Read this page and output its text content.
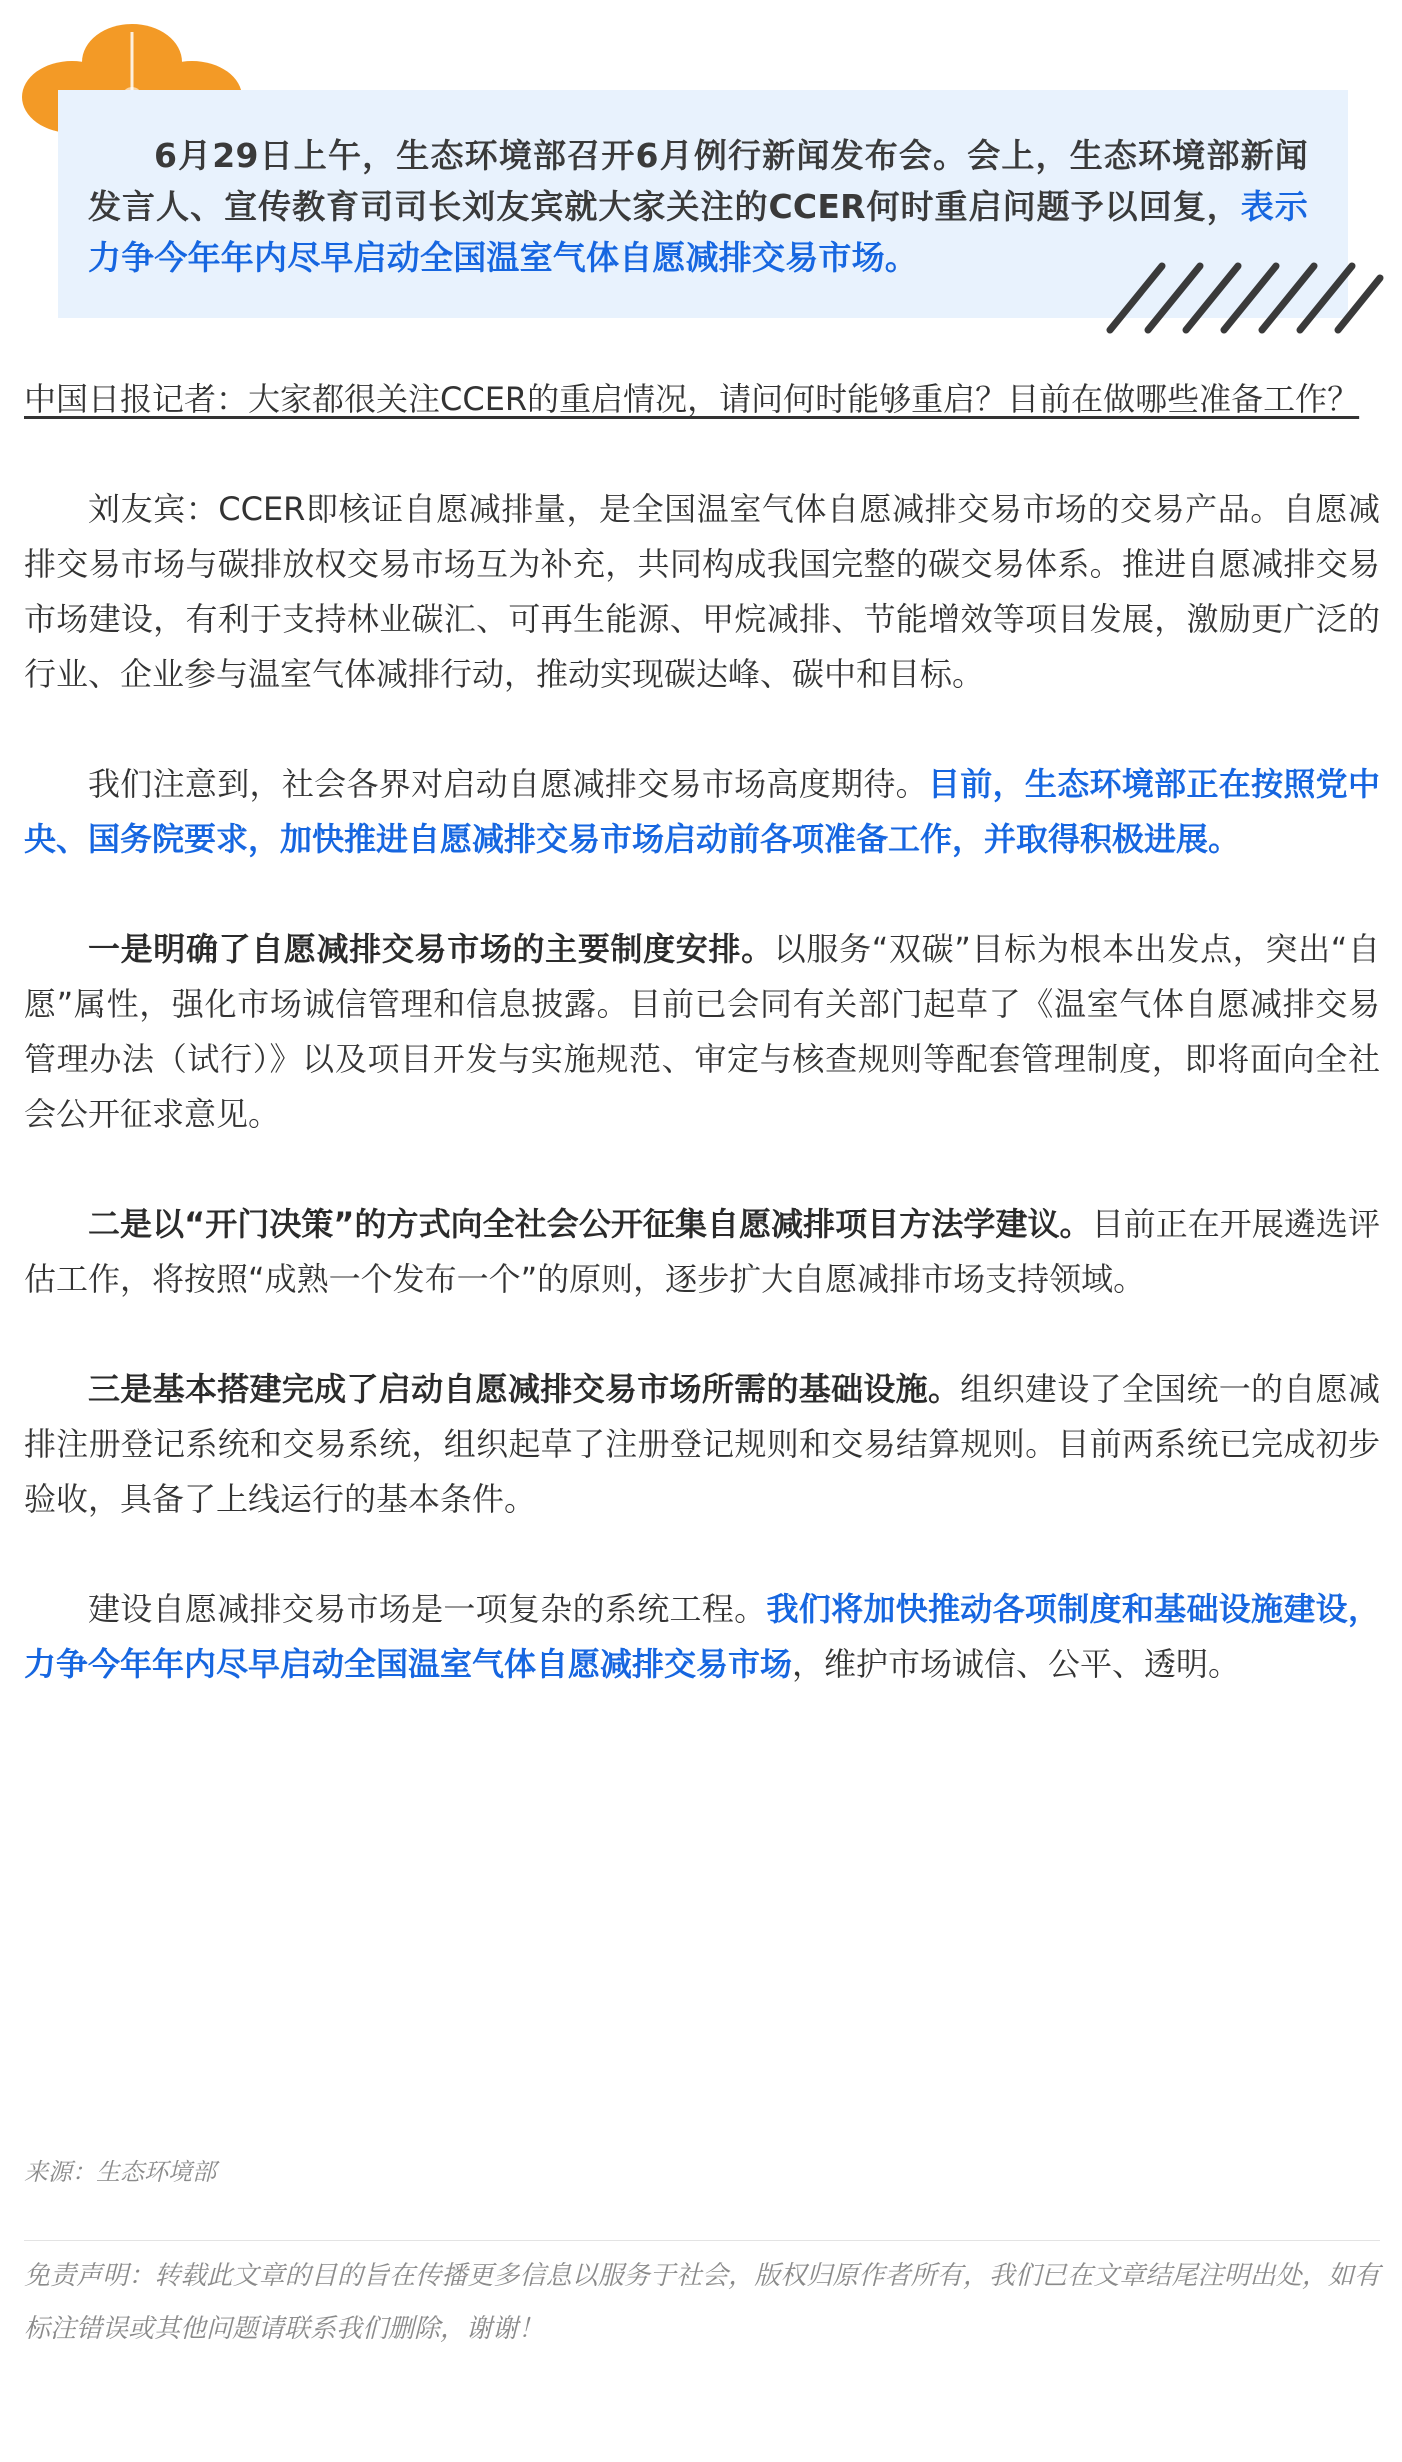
6月29日上午，生态环境部召开6月例行新闻发布会。会上，生态环境部新闻发言人、宣传教育司司长刘友宾就大家关注的CCER何时重启问题予以回复，表示力争今年年内尽早启动全国温室气体自愿减排交易市场。

中国日报记者：大家都很关注CCER的重启情况，请问何时能够重启？目前在做哪些准备工作？

刘友宾：CCER即核证自愿减排量，是全国温室气体自愿减排交易市场的交易产品。自愿减排交易市场与碳排放权交易市场互为补充，共同构成我国完整的碳交易体系。推进自愿减排交易市场建设，有利于支持林业碳汇、可再生能源、甲烷减排、节能增效等项目发展，激励更广泛的行业、企业参与温室气体减排行动，推动实现碳达峰、碳中和目标。

我们注意到，社会各界对启动自愿减排交易市场高度期待。目前，生态环境部正在按照党中央、国务院要求，加快推进自愿减排交易市场启动前各项准备工作，并取得积极进展。

一是明确了自愿减排交易市场的主要制度安排。以服务“双碳”目标为根本出发点，突出“自愿”属性，强化市场诚信管理和信息披露。目前已会同有关部门起草了《温室气体自愿减排交易管理办法（试行）》以及项目开发与实施规范、审定与核查规则等配套管理制度，即将面向全社会公开征求意见。

二是以“开门决策”的方式向全社会公开征集自愿减排项目方法学建议。目前正在开展遴选评估工作，将按照“成熟一个发布一个”的原则，逐步扩大自愿减排市场支持领域。

三是基本搭建完成了启动自愿减排交易市场所需的基础设施。组织建设了全国统一的自愿减排注册登记系统和交易系统，组织起草了注册登记规则和交易结算规则。目前两系统已完成初步验收，具备了上线运行的基本条件。

建设自愿减排交易市场是一项复杂的系统工程。我们将加快推动各项制度和基础设施建设，力争今年年内尽早启动全国温室气体自愿减排交易市场，维护市场诚信、公平、透明。

来源：生态环境部

免责声明：转载此文章的目的旨在传播更多信息以服务于社会，版权归原作者所有，我们已在文章结尾注明出处，如有标注错误或其他问题请联系我们删除，谢谢！
